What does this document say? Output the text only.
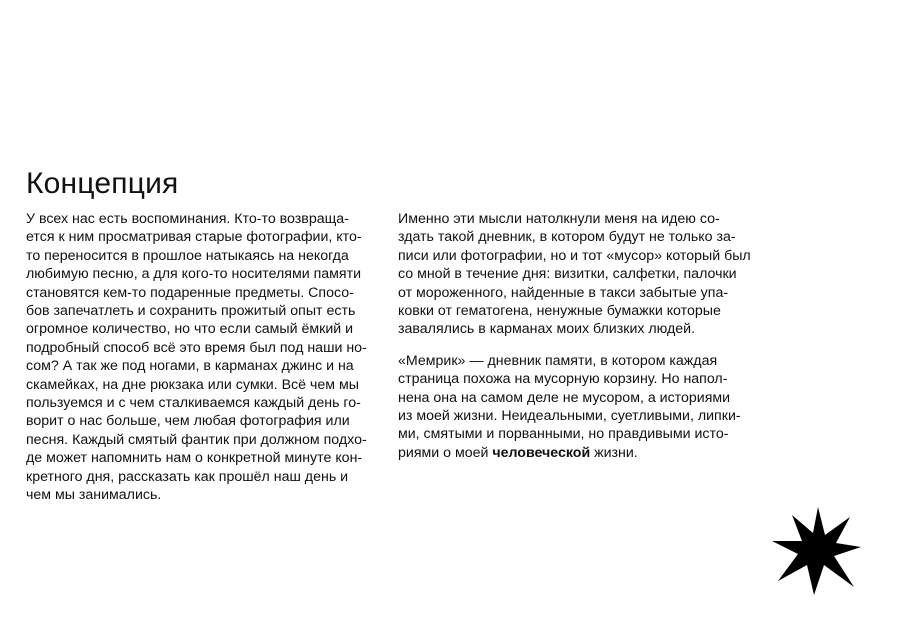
Концепция
У всех нас есть воспоминания. Кто-то возвраща-
ется к ним просматривая старые фотографии, кто-
то переносится в прошлое натыкаясь на некогда
любимую песню, а для кого-то носителями памяти
становятся кем-то подаренные предметы. Спосо-
бов запечатлеть и сохранить прожитый опыт есть
огромное количество, но что если самый ёмкий и
подробный способ всё это время был под наши но-
сом? А так же под ногами, в карманах джинс и на
скамейках, на дне рюкзака или сумки. Всё чем мы
пользуемся и с чем сталкиваемся каждый день го-
ворит о нас больше, чем любая фотография или
песня. Каждый смятый фантик при должном подхо-
де может напомнить нам о конкретной минуте кон-
кретного дня, рассказать как прошёл наш день и
чем мы занимались.
Именно эти мысли натолкнули меня на идею со-
здать такой дневник, в котором будут не только за-
писи или фотографии, но и тот «мусор» который был
со мной в течение дня: визитки, салфетки, палочки
от мороженного, найденные в такси забытые упа-
ковки от гематогена, ненужные бумажки которые
завалялись в карманах моих близких людей.
«Мемрик» — дневник памяти, в котором каждая
страница похожа на мусорную корзину. Но напол-
нена она на самом деле не мусором, а историями
из моей жизни. Неидеальными, суетливыми, липки-
ми, смятыми и порванными, но правдивыми исто-
риями о моей человеческой жизни.
